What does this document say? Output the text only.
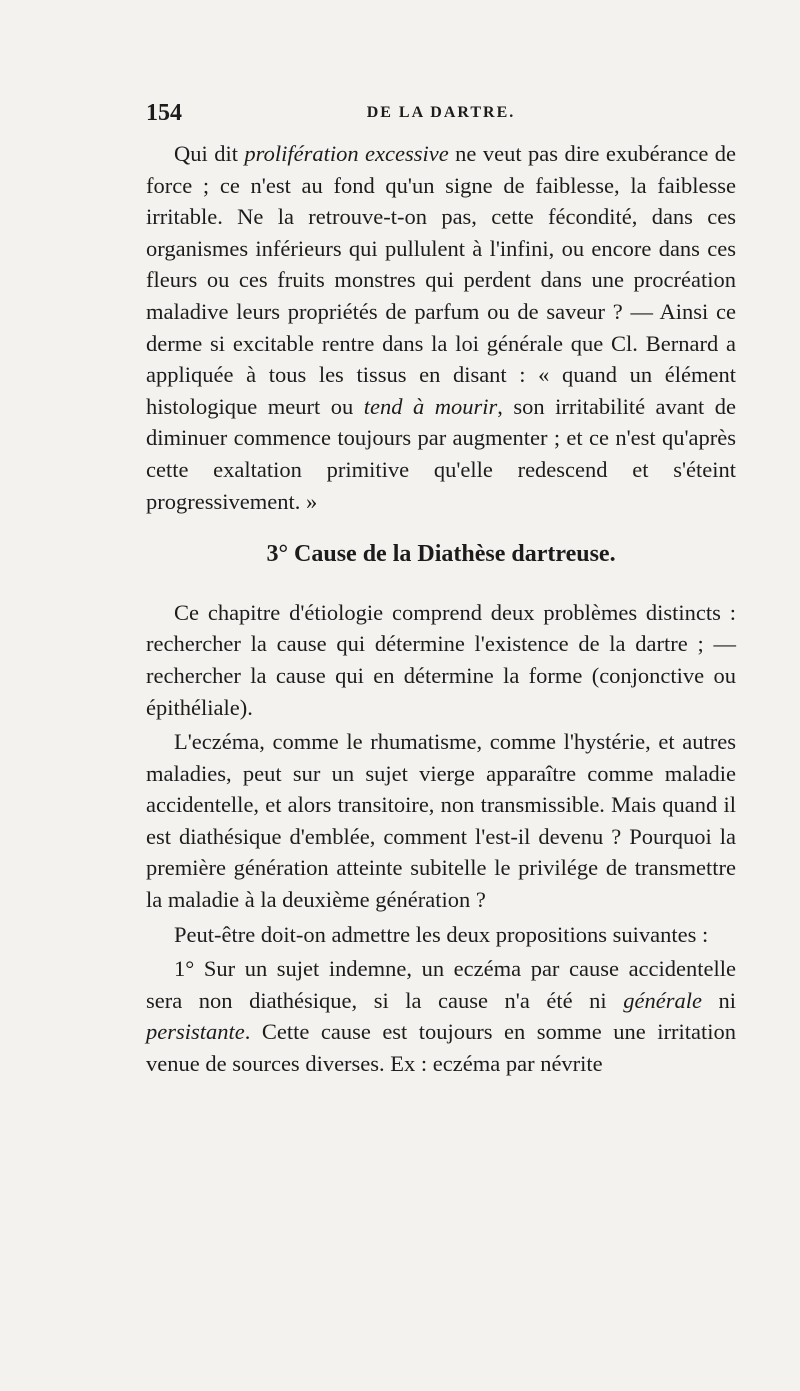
154	DE LA DARTRE.

Qui dit prolifération excessive ne veut pas dire exubérance de force ; ce n'est au fond qu'un signe de faiblesse, la faiblesse irritable. Ne la retrouve-t-on pas, cette fécondité, dans ces organismes inférieurs qui pullulent à l'infini, ou encore dans ces fleurs ou ces fruits monstres qui perdent dans une procréation maladive leurs propriétés de parfum ou de saveur ? — Ainsi ce derme si excitable rentre dans la loi générale que Cl. Bernard a appliquée à tous les tissus en disant : « quand un élément histologique meurt ou tend à mourir, son irritabilité avant de diminuer commence toujours par augmenter ; et ce n'est qu'après cette exaltation primitive qu'elle redescend et s'éteint progressivement. »

3° Cause de la Diathèse dartreuse.

Ce chapitre d'étiologie comprend deux problèmes distincts : rechercher la cause qui détermine l'existence de la dartre ; — rechercher la cause qui en détermine la forme (conjonctive ou épithéliale).

L'eczéma, comme le rhumatisme, comme l'hystérie, et autres maladies, peut sur un sujet vierge apparaître comme maladie accidentelle, et alors transitoire, non transmissible. Mais quand il est diathésique d'emblée, comment l'est-il devenu ? Pourquoi la première génération atteinte subitelle le privilége de transmettre la maladie à la deuxième génération ?

Peut-être doit-on admettre les deux propositions suivantes :

1° Sur un sujet indemne, un eczéma par cause accidentelle sera non diathésique, si la cause n'a été ni générale ni persistante. Cette cause est toujours en somme une irritation venue de sources diverses. Ex : eczéma par névrite
